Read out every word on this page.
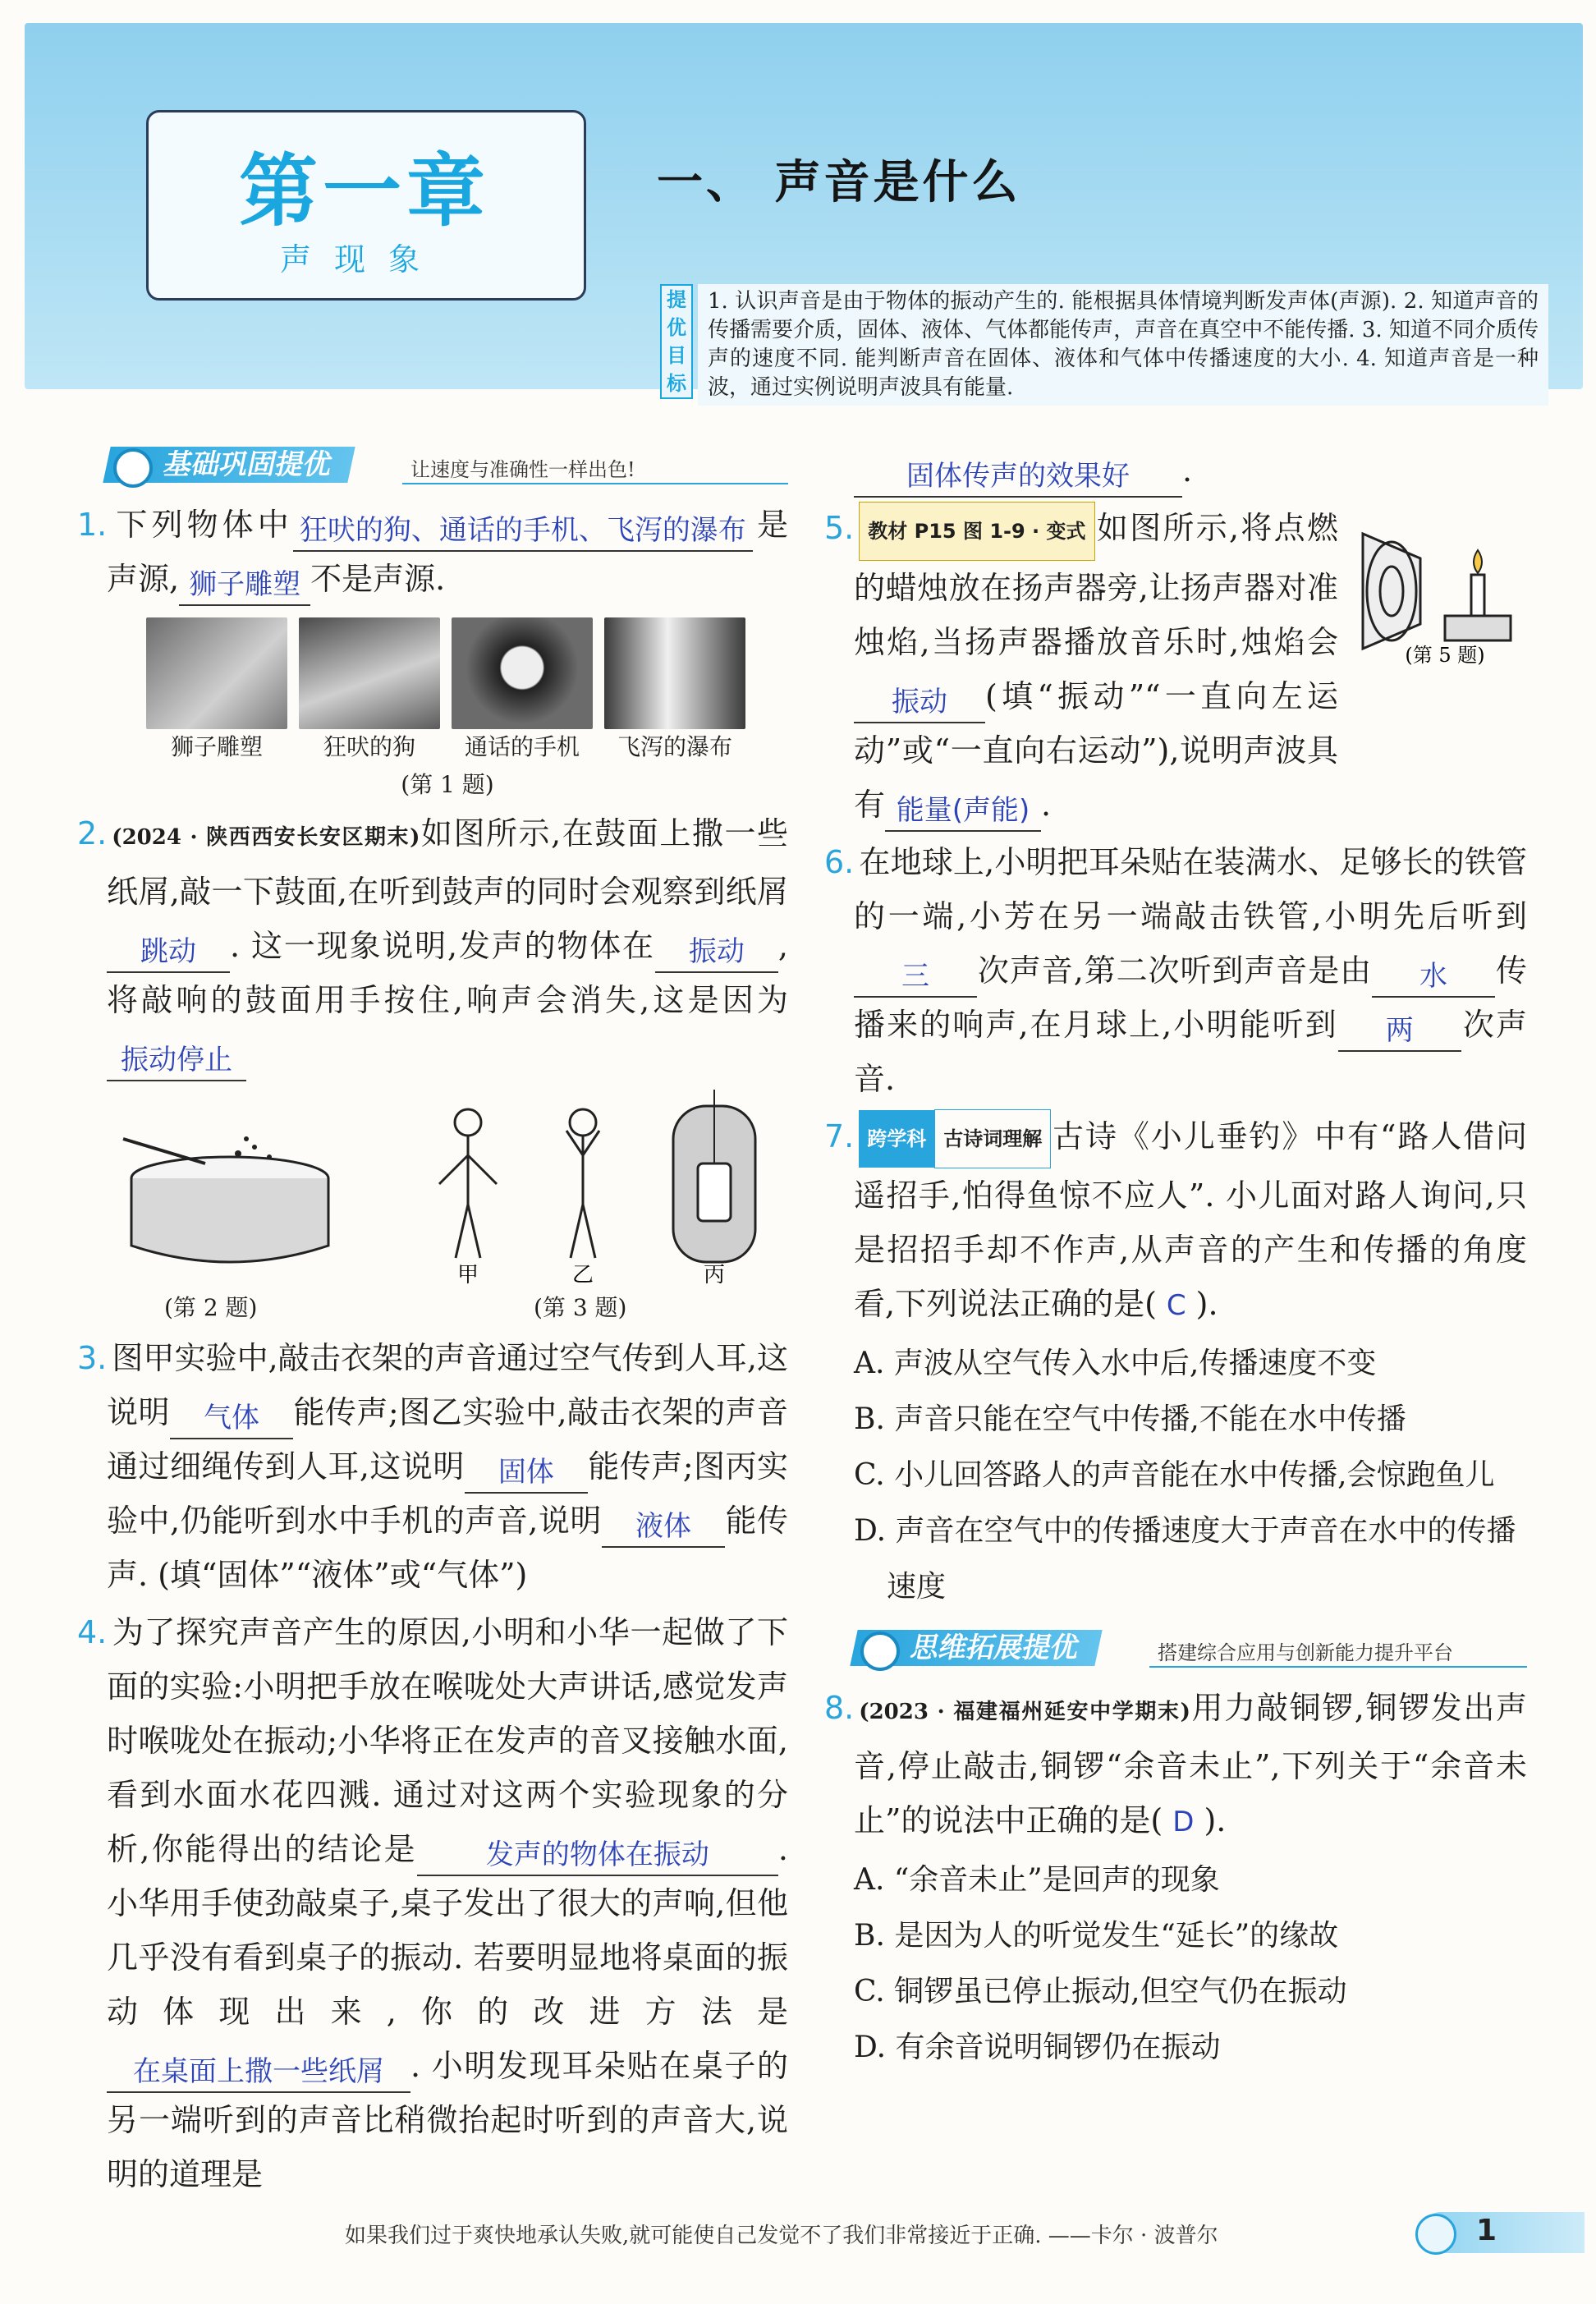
第一章
声现象
一、 声音是什么
提优目标
1. 认识声音是由于物体的振动产生的. 能根据具体情境判断发声体(声源). 2. 知道声音的传播需要介质，固体、液体、气体都能传声，声音在真空中不能传播. 3. 知道不同介质传声的速度不同. 能判断声音在固体、液体和气体中传播速度的大小. 4. 知道声音是一种波，通过实例说明声波具有能量.
基础巩固提优	让速度与准确性一样出色!
1. 下列物体中 狂吠的狗、通话的手机、飞泻的瀑布 是声源, 狮子雕塑 不是声源.
狮子雕塑	狂吠的狗	通话的手机	飞泻的瀑布
(第 1 题)
2. (2024 · 陕西西安长安区期末)如图所示,在鼓面上撒一些纸屑,敲一下鼓面,在听到鼓声的同时会观察到纸屑跳动 . 这一现象说明,发声的物体在 振动 ,将敲响的鼓面用手按住,响声会消失,这是因为振动停止
甲	乙	丙
(第 2 题)	(第 3 题)
3. 图甲实验中,敲击衣架的声音通过空气传到人耳,这说明 气体 能传声;图乙实验中,敲击衣架的声音通过细绳传到人耳,这说明 固体 能传声;图丙实验中,仍能听到水中手机的声音,说明 液体 能传声. (填“固体”“液体”或“气体”)
4. 为了探究声音产生的原因,小明和小华一起做了下面的实验:小明把手放在喉咙处大声讲话,感觉发声时喉咙处在振动;小华将正在发声的音叉接触水面,看到水面水花四溅. 通过对这两个实验现象的分析,你能得出的结论是 发声的物体在振动 . 小华用手使劲敲桌子,桌子发出了很大的声响,但他几乎没有看到桌子的振动. 若要明显地将桌面的振动体现出来,你的改进方法是在桌面上撒一些纸屑 . 小明发现耳朵贴在桌子的另一端听到的声音比稍微抬起时听到的声音大,说明的道理是
固体传声的效果好 .
5. 教材 P15 图 1-9 · 变式 如图所示,将点燃的蜡烛放在扬声器旁,让扬声器对准烛焰,当扬声器播放音乐时,烛焰会振动 (填“振动”“一直向左运动”或“一直向右运动”),说明声波具有 能量(声能) .
(第 5 题)
6. 在地球上,小明把耳朵贴在装满水、足够长的铁管的一端,小芳在另一端敲击铁管,小明先后听到三 次声音,第二次听到声音是由 水 传播来的响声,在月球上,小明能听到 两 次声音.
7. 跨学科 古诗词理解 古诗《小儿垂钓》中有“路人借问遥招手,怕得鱼惊不应人”. 小儿面对路人询问,只是招招手却不作声,从声音的产生和传播的角度看,下列说法正确的是( C ).
A. 声波从空气传入水中后,传播速度不变
B. 声音只能在空气中传播,不能在水中传播
C. 小儿回答路人的声音能在水中传播,会惊跑鱼儿
D. 声音在空气中的传播速度大于声音在水中的传播速度
思维拓展提优	搭建综合应用与创新能力提升平台
8. (2023 · 福建福州延安中学期末)用力敲铜锣,铜锣发出声音,停止敲击,铜锣“余音未止”,下列关于“余音未止”的说法中正确的是( D ).
A. “余音未止”是回声的现象
B. 是因为人的听觉发生“延长”的缘故
C. 铜锣虽已停止振动,但空气仍在振动
D. 有余音说明铜锣仍在振动
如果我们过于爽快地承认失败,就可能使自己发觉不了我们非常接近于正确. ——卡尔 · 波普尔	1
